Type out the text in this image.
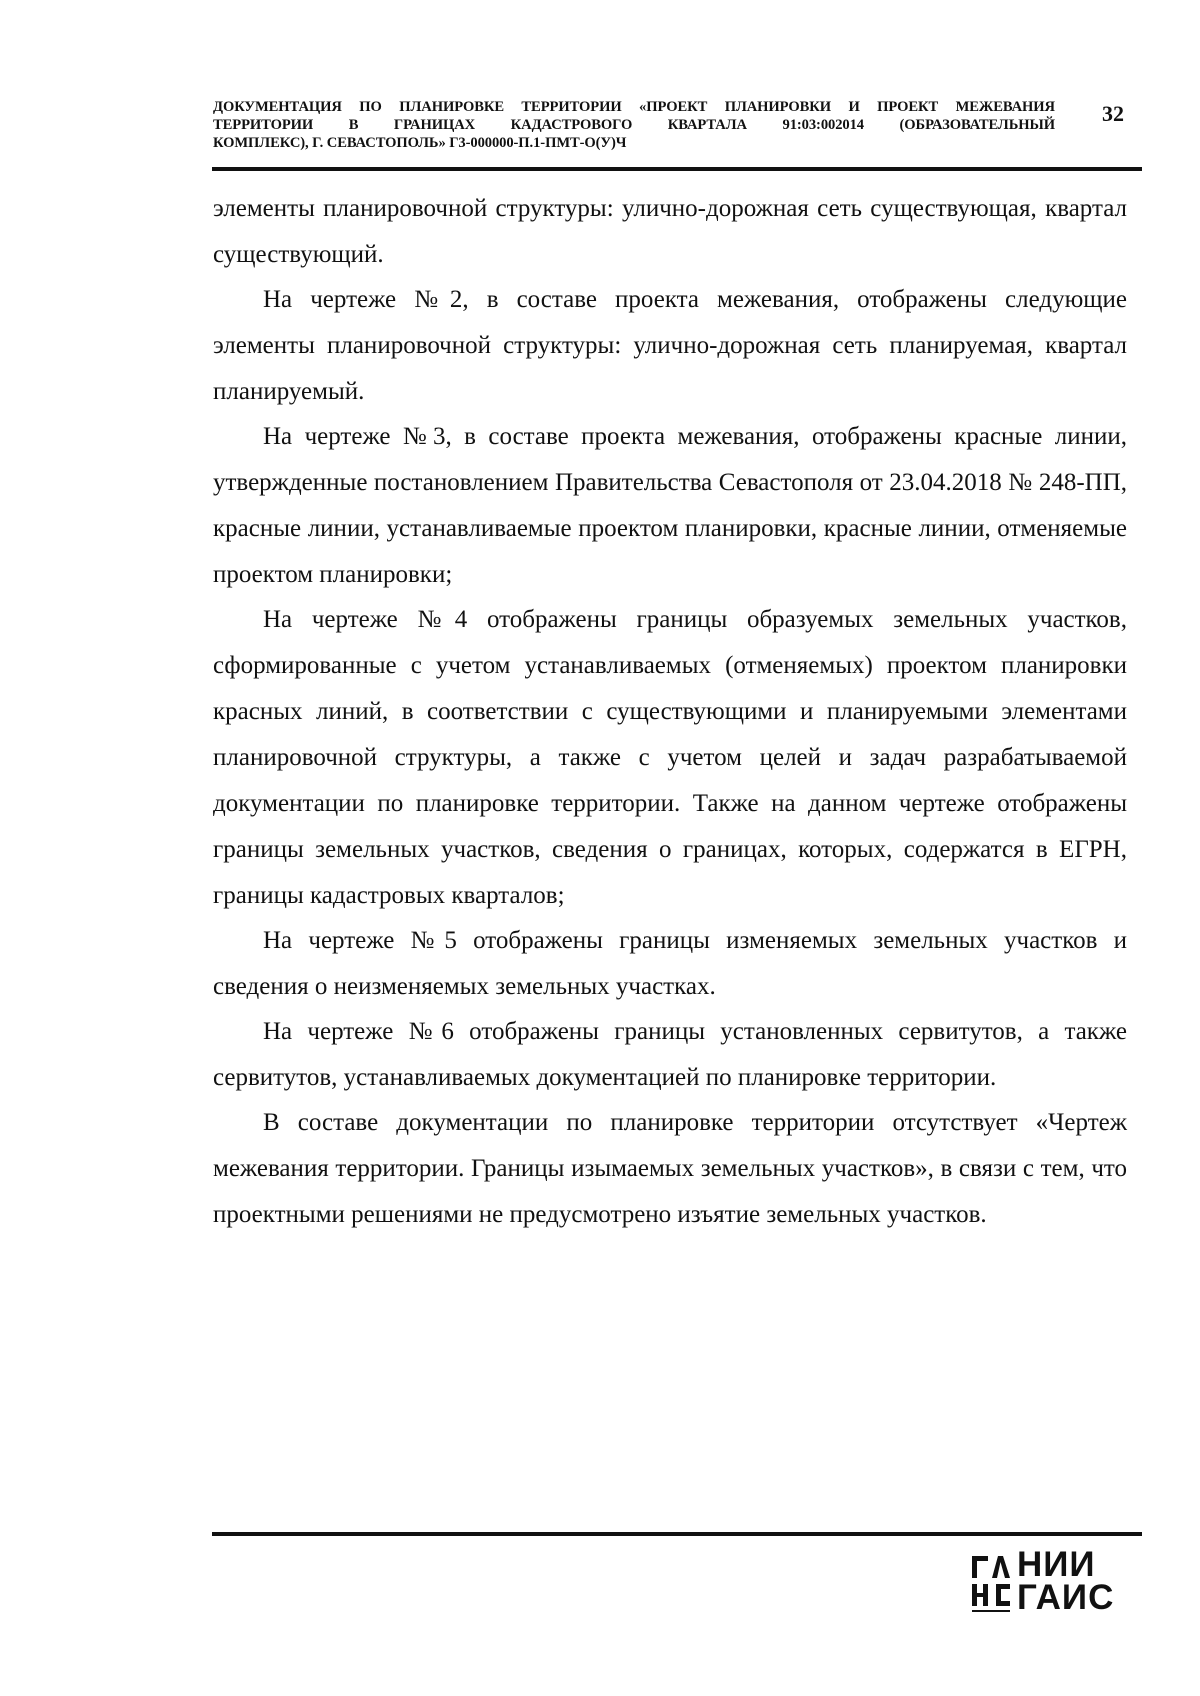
ДОКУМЕНТАЦИЯ ПО ПЛАНИРОВКЕ ТЕРРИТОРИИ «ПРОЕКТ ПЛАНИРОВКИ И ПРОЕКТ МЕЖЕВАНИЯ
ТЕРРИТОРИИ В ГРАНИЦАХ КАДАСТРОВОГО КВАРТАЛА 91:03:002014 (ОБРАЗОВАТЕЛЬНЫЙ
КОМПЛЕКС), Г. СЕВАСТОПОЛЬ» Г3-000000-П.1-ПМТ-О(У)Ч
32

элементы планировочной структуры: улично-дорожная сеть существующая, квартал существующий.

На чертеже №2, в составе проекта межевания, отображены следующие элементы планировочной структуры: улично-дорожная сеть планируемая, квартал планируемый.

На чертеже №3, в составе проекта межевания, отображены красные линии, утвержденные постановлением Правительства Севастополя от 23.04.2018 № 248-ПП, красные линии, устанавливаемые проектом планировки, красные линии, отменяемые проектом планировки;

На чертеже №4 отображены границы образуемых земельных участков, сформированные с учетом устанавливаемых (отменяемых) проектом планировки красных линий, в соответствии с существующими и планируемыми элементами планировочной структуры, а также с учетом целей и задач разрабатываемой документации по планировке территории. Также на данном чертеже отображены границы земельных участков, сведения о границах, которых, содержатся в ЕГРН, границы кадастровых кварталов;

На чертеже №5 отображены границы изменяемых земельных участков и сведения о неизменяемых земельных участках.

На чертеже №6 отображены границы установленных сервитутов, а также сервитутов, устанавливаемых документацией по планировке территории.

В составе документации по планировке территории отсутствует «Чертеж межевания территории. Границы изымаемых земельных участков», в связи с тем, что проектными решениями не предусмотрено изъятие земельных участков.

НИИ
ГАИС
